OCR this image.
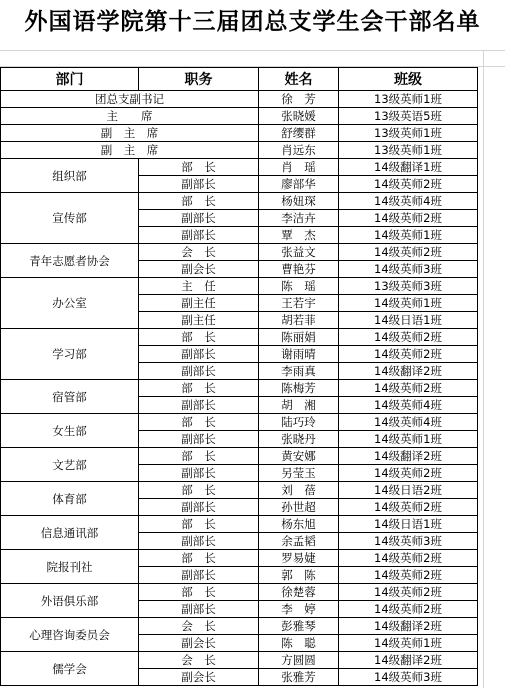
外国语学院第十三届团总支学生会干部名单
部门	职务	姓名	班级
团总支副书记		徐　芳	13级英师1班
主　　席		张晓媛	13级英语5班
副　主　席		舒缨群	13级英师1班
副　主　席		肖远东	13级英师1班
组织部	部　长	肖　瑶	14级翻译1班
	副部长	廖部华	14级英师2班
宣传部	部　长	杨妞琛	14级英师4班
	副部长	李洁卉	14级英师2班
	副部长	覃　杰	14级英师1班
青年志愿者协会	会　长	张益文	14级英师2班
	副会长	曹艳芬	14级英师3班
办公室	主　任	陈　瑶	13级英师3班
	副主任	王若宇	14级英师1班
	副主任	胡若菲	14级日语1班
学习部	部　长	陈丽娟	14级英师2班
	副部长	谢雨晴	14级英师2班
	副部长	李雨真	14级翻译2班
宿管部	部　长	陈梅芳	14级英师2班
	副部长	胡　湘	14级英师4班
女生部	部　长	陆巧玲	14级英师4班
	副部长	张晓丹	14级英师1班
文艺部	部　长	黄安娜	14级翻译2班
	副部长	另莹玉	14级英师2班
体育部	部　长	刘　蓓	14级日语2班
	副部长	孙世超	14级英师2班
信息通讯部	部　长	杨东旭	14级日语1班
	副部长	余孟韬	14级英师3班
院报刊社	部　长	罗易婕	14级英师2班
	副部长	郭　陈	14级英师2班
外语俱乐部	部　长	徐楚蓉	14级英师2班
	副部长	李　婷	14级英师2班
心理咨询委员会	会　长	彭雅琴	14级翻译2班
	副会长	陈　聪	14级英师1班
儒学会	会　长	方圆圆	14级翻译2班
	副会长	张雅芳	14级英师3班
